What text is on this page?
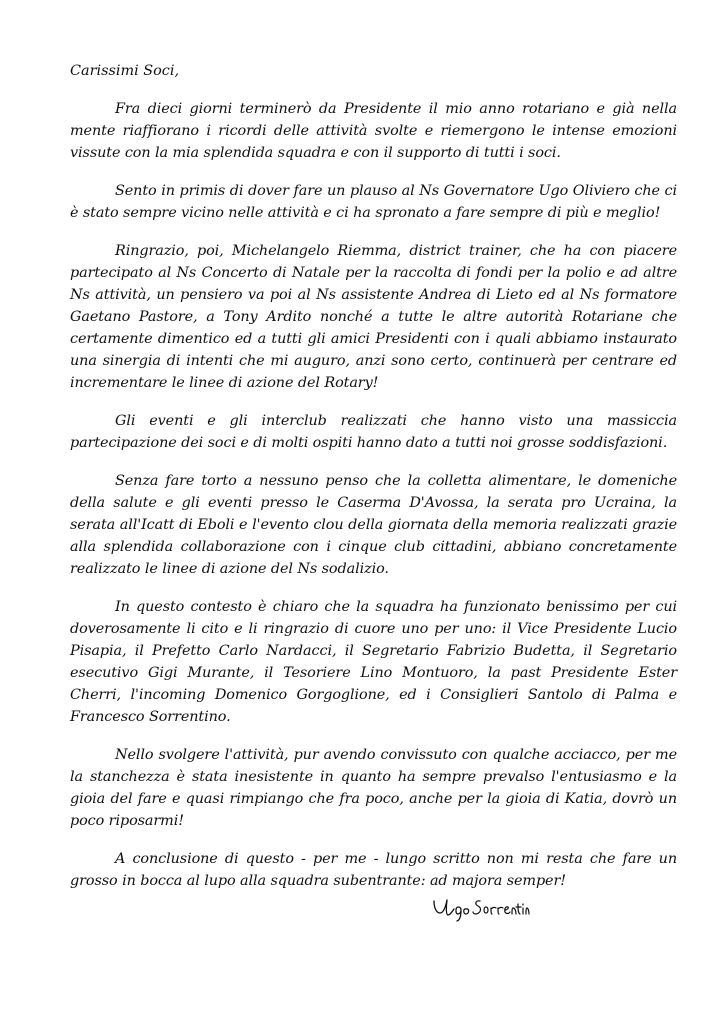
Carissimi Soci,

Fra dieci giorni terminerò da Presidente il mio anno rotariano e già nella mente riaffiorano i ricordi delle attività svolte e riemergono le intense emozioni vissute con la mia splendida squadra e con il supporto di tutti i soci.

Sento in primis di dover fare un plauso al Ns Governatore Ugo Oliviero che ci è stato sempre vicino nelle attività e ci ha spronato a fare sempre di più e meglio!

Ringrazio, poi, Michelangelo Riemma, district trainer, che ha con piacere partecipato al Ns Concerto di Natale per la raccolta di fondi per la polio e ad altre Ns attività, un pensiero va poi al Ns assistente Andrea di Lieto ed al Ns formatore Gaetano Pastore, a Tony Ardito nonché a tutte le altre autorità Rotariane che certamente dimentico ed a tutti gli amici Presidenti con i quali abbiamo instaurato una sinergia di intenti che mi auguro, anzi sono certo, continuerà per centrare ed incrementare le linee di azione del Rotary!

Gli eventi e gli interclub realizzati che hanno visto una massiccia partecipazione dei soci e di molti ospiti hanno dato a tutti noi grosse soddisfazioni.

Senza fare torto a nessuno penso che la colletta alimentare, le domeniche della salute e gli eventi presso le Caserma D'Avossa, la serata pro Ucraina, la serata all'Icatt di Eboli e l'evento clou della giornata della memoria realizzati grazie alla splendida collaborazione con i cinque club cittadini, abbiano concretamente realizzato le linee di azione del Ns sodalizio.

In questo contesto è chiaro che la squadra ha funzionato benissimo per cui doverosamente li cito e li ringrazio di cuore uno per uno: il Vice Presidente Lucio Pisapia, il Prefetto Carlo Nardacci, il Segretario Fabrizio Budetta, il Segretario esecutivo Gigi Murante, il Tesoriere Lino Montuoro, la past Presidente Ester Cherri, l'incoming Domenico Gorgoglione, ed i Consiglieri Santolo di Palma e Francesco Sorrentino.

Nello svolgere l'attività, pur avendo convissuto con qualche acciacco, per me la stanchezza è stata inesistente in quanto ha sempre prevalso l'entusiasmo e la gioia del fare e quasi rimpiango che fra poco, anche per la gioia di Katia, dovrò un poco riposarmi!

A conclusione di questo - per me - lungo scritto non mi resta che fare un grosso in bocca al lupo alla squadra subentrante: ad majora semper!
